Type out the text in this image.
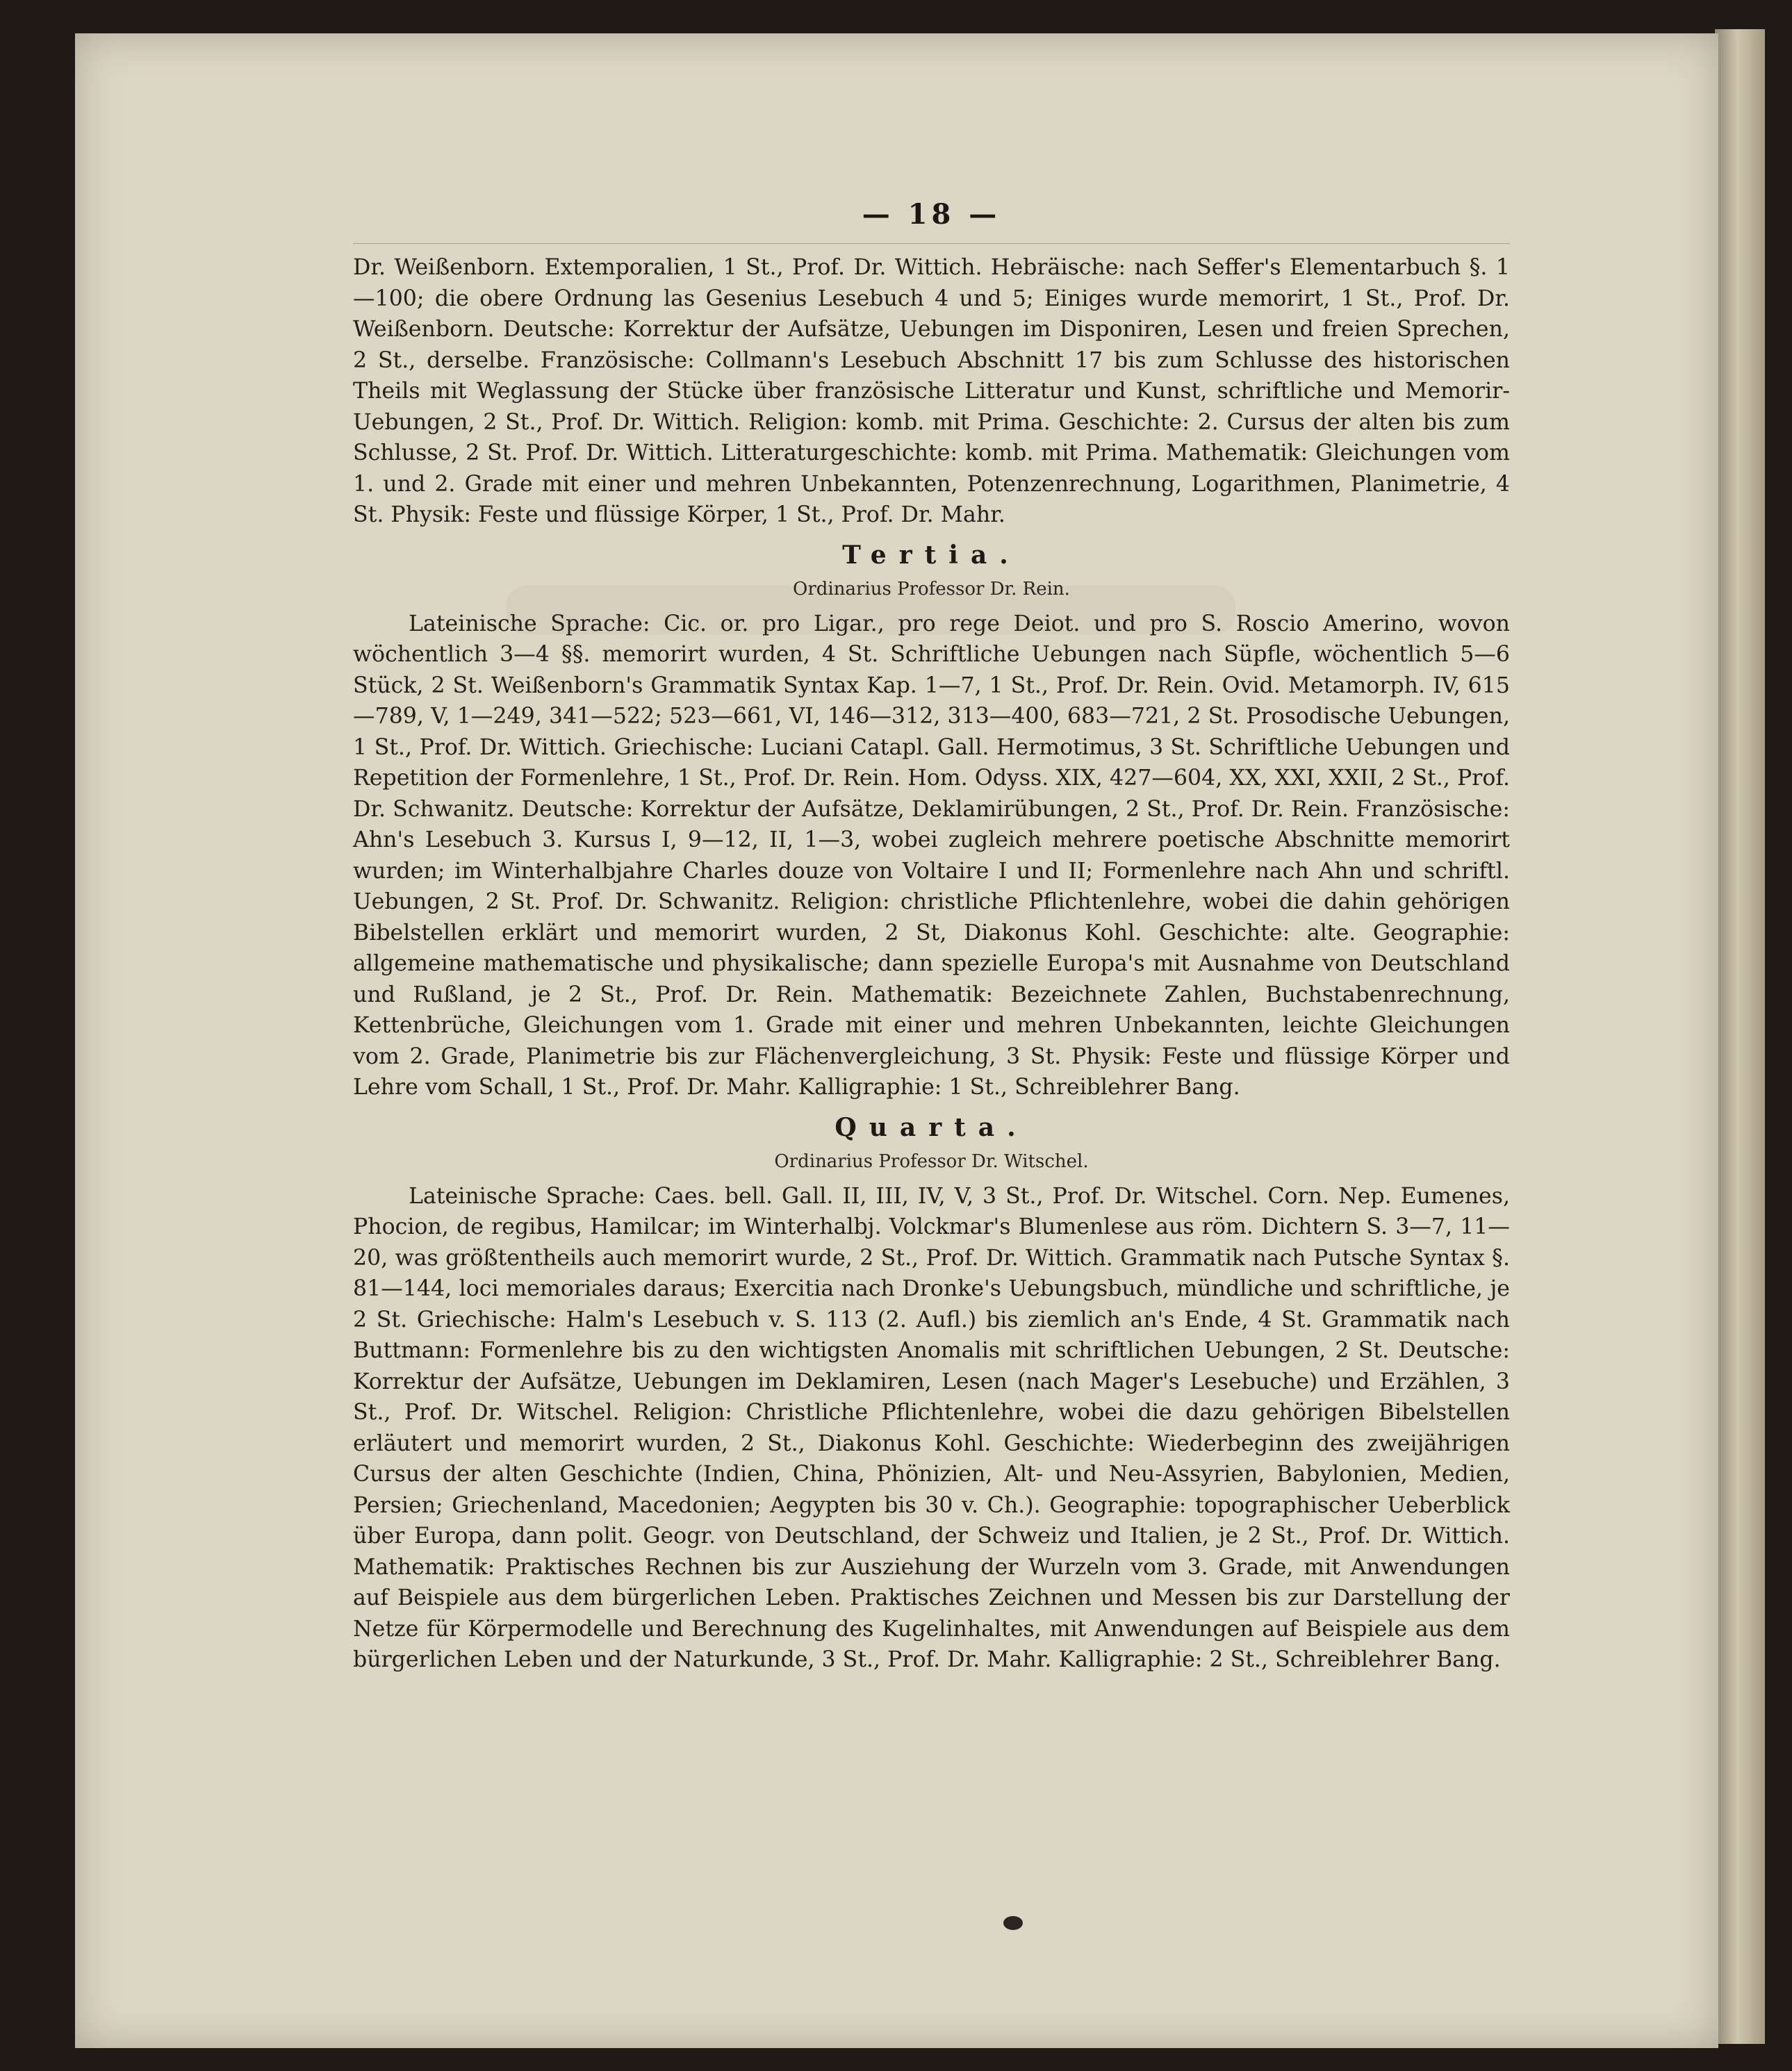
— 18 —

Dr. Weißenborn. Extemporalien, 1 St., Prof. Dr. Wittich. Hebräische: nach Seffer's Elementarbuch §. 1—100; die obere Ordnung las Gesenius Lesebuch 4 und 5; Einiges wurde memorirt, 1 St., Prof. Dr. Weißenborn. Deutsche: Korrektur der Aufsätze, Uebungen im Disponiren, Lesen und freien Sprechen, 2 St., derselbe. Französische: Collmann's Lesebuch Abschnitt 17 bis zum Schlusse des historischen Theils mit Weglassung der Stücke über französische Litteratur und Kunst, schriftliche und Memorir-Uebungen, 2 St., Prof. Dr. Wittich. Religion: komb. mit Prima. Geschichte: 2. Cursus der alten bis zum Schlusse, 2 St. Prof. Dr. Wittich. Litteraturgeschichte: komb. mit Prima. Mathematik: Gleichungen vom 1. und 2. Grade mit einer und mehren Unbekannten, Potenzenrechnung, Logarithmen, Planimetrie, 4 St. Physik: Feste und flüssige Körper, 1 St., Prof. Dr. Mahr.

Tertia.
Ordinarius Professor Dr. Rein.

Lateinische Sprache: Cic. or. pro Ligar., pro rege Deiot. und pro S. Roscio Amerino, wovon wöchentlich 3—4 §§. memorirt wurden, 4 St. Schriftliche Uebungen nach Süpfle, wöchentlich 5—6 Stück, 2 St. Weißenborn's Grammatik Syntax Kap. 1—7, 1 St., Prof. Dr. Rein. Ovid. Metamorph. IV, 615—789, V, 1—249, 341—522; 523—661, VI, 146—312, 313—400, 683—721, 2 St. Prosodische Uebungen, 1 St., Prof. Dr. Wittich. Griechische: Luciani Catapl. Gall. Hermotimus, 3 St. Schriftliche Uebungen und Repetition der Formenlehre, 1 St., Prof. Dr. Rein. Hom. Odyss. XIX, 427—604, XX, XXI, XXII, 2 St., Prof. Dr. Schwanitz. Deutsche: Korrektur der Aufsätze, Deklamirübungen, 2 St., Prof. Dr. Rein. Französische: Ahn's Lesebuch 3. Kursus I, 9—12, II, 1—3, wobei zugleich mehrere poetische Abschnitte memorirt wurden; im Winterhalbjahre Charles douze von Voltaire I und II; Formenlehre nach Ahn und schriftl. Uebungen, 2 St. Prof. Dr. Schwanitz. Religion: christliche Pflichtenlehre, wobei die dahin gehörigen Bibelstellen erklärt und memorirt wurden, 2 St, Diakonus Kohl. Geschichte: alte. Geographie: allgemeine mathematische und physikalische; dann spezielle Europa's mit Ausnahme von Deutschland und Rußland, je 2 St., Prof. Dr. Rein. Mathematik: Bezeichnete Zahlen, Buchstabenrechnung, Kettenbrüche, Gleichungen vom 1. Grade mit einer und mehren Unbekannten, leichte Gleichungen vom 2. Grade, Planimetrie bis zur Flächenvergleichung, 3 St. Physik: Feste und flüssige Körper und Lehre vom Schall, 1 St., Prof. Dr. Mahr. Kalligraphie: 1 St., Schreiblehrer Bang.

Quarta.
Ordinarius Professor Dr. Witschel.

Lateinische Sprache: Caes. bell. Gall. II, III, IV, V, 3 St., Prof. Dr. Witschel. Corn. Nep. Eumenes, Phocion, de regibus, Hamilcar; im Winterhalbj. Volckmar's Blumenlese aus röm. Dichtern S. 3—7, 11—20, was größtentheils auch memorirt wurde, 2 St., Prof. Dr. Wittich. Grammatik nach Putsche Syntax §. 81—144, loci memoriales daraus; Exercitia nach Dronke's Uebungsbuch, mündliche und schriftliche, je 2 St. Griechische: Halm's Lesebuch v. S. 113 (2. Aufl.) bis ziemlich an's Ende, 4 St. Grammatik nach Buttmann: Formenlehre bis zu den wichtigsten Anomalis mit schriftlichen Uebungen, 2 St. Deutsche: Korrektur der Aufsätze, Uebungen im Deklamiren, Lesen (nach Mager's Lesebuche) und Erzählen, 3 St., Prof. Dr. Witschel. Religion: Christliche Pflichtenlehre, wobei die dazu gehörigen Bibelstellen erläutert und memorirt wurden, 2 St., Diakonus Kohl. Geschichte: Wiederbeginn des zweijährigen Cursus der alten Geschichte (Indien, China, Phönizien, Alt- und Neu-Assyrien, Babylonien, Medien, Persien; Griechenland, Macedonien; Aegypten bis 30 v. Ch.). Geographie: topographischer Ueberblick über Europa, dann polit. Geogr. von Deutschland, der Schweiz und Italien, je 2 St., Prof. Dr. Wittich. Mathematik: Praktisches Rechnen bis zur Ausziehung der Wurzeln vom 3. Grade, mit Anwendungen auf Beispiele aus dem bürgerlichen Leben. Praktisches Zeichnen und Messen bis zur Darstellung der Netze für Körpermodelle und Berechnung des Kugelinhaltes, mit Anwendungen auf Beispiele aus dem bürgerlichen Leben und der Naturkunde, 3 St., Prof. Dr. Mahr. Kalligraphie: 2 St., Schreiblehrer Bang.
